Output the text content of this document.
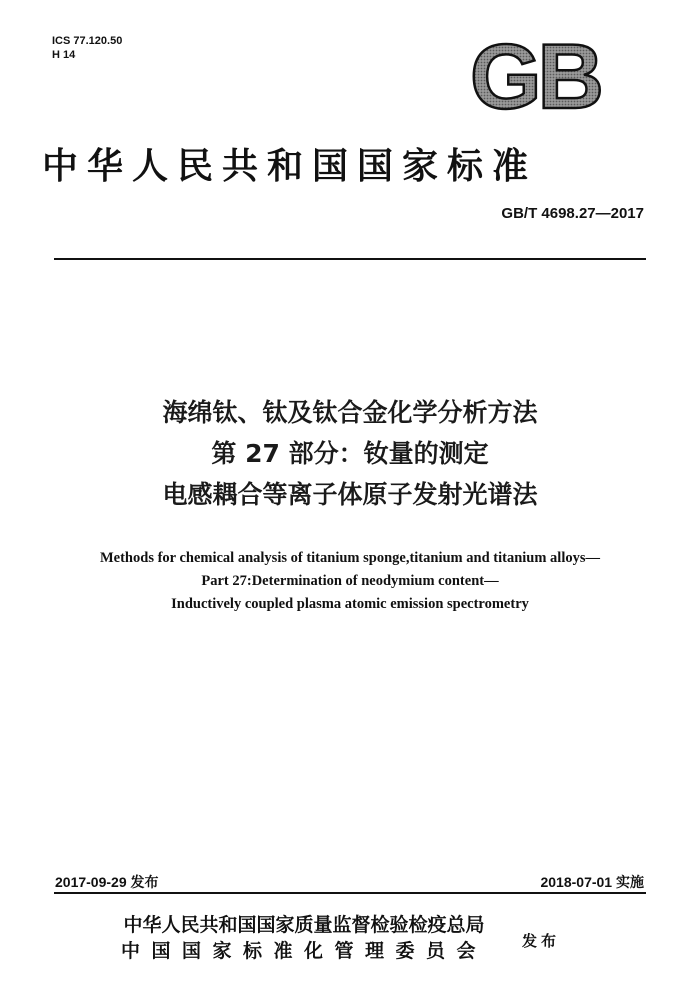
ICS 77.120.50
H 14	GB
中华人民共和国国家标准
GB/T 4698.27—2017
海绵钛、钛及钛合金化学分析方法
第 27 部分：钕量的测定
电感耦合等离子体原子发射光谱法
Methods for chemical analysis of titanium sponge,titanium and titanium alloys—
Part 27:Determination of neodymium content—
Inductively coupled plasma atomic emission spectrometry
2017-09-29 发布	2018-07-01 实施
中华人民共和国国家质量监督检验检疫总局
中国国家标准化管理委员会	发布
